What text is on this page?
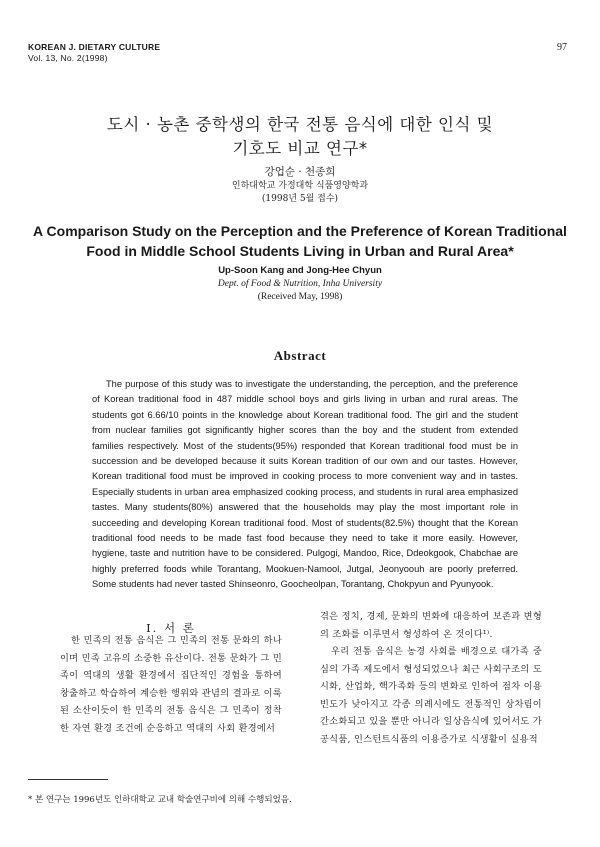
KOREAN J. DIETARY CULTURE
Vol. 13, No. 2(1998)
97
도시 · 농촌 중학생의 한국 전통 음식에 대한 인식 및
기호도 비교 연구*
강업순 · 천종희
인하대학교 가정대학 식품영양학과
(1998년 5월 접수)
A Comparison Study on the Perception and the Preference of Korean Traditional
Food in Middle School Students Living in Urban and Rural Area*
Up-Soon Kang and Jong-Hee Chyun
Dept. of Food & Nutrition, Inha University
(Received May, 1998)
Abstract

The purpose of this study was to investigate the understanding, the perception, and the preference of Korean traditional food in 487 middle school boys and girls living in urban and rural areas. The students got 6.66/10 points in the knowledge about Korean traditional food. The girl and the student from nuclear families got significantly higher scores than the boy and the student from extended families respectively. Most of the students(95%) responded that Korean traditional food must be in succession and be developed because it suits Korean tradition of our own and our tastes. However, Korean traditional food must be improved in cooking process to more convenient way and in tastes. Especially students in urban area emphasized cooking process, and students in rural area emphasized tastes. Many students(80%) answered that the households may play the most important role in succeeding and developing Korean traditional food. Most of students(82.5%) thought that the Korean traditional food needs to be made fast food because they need to take it more easily. However, hygiene, taste and nutrition have to be considered. Pulgogi, Mandoo, Rice, Ddeokgook, Chabchae are highly preferred foods while Torantang, Mookuen-Namool, Jutgal, Jeonyoouh are poorly preferred. Some students had never tasted Shinseonro, Goocheolpan, Torantang, Chokpyun and Pyunyook.

I. 서 론

한 민족의 전통 음식은 그 민족의 전통 문화의 하나이며 민족 고유의 소중한 유산이다. 전통 문화가 그 민족이 역대의 생활 환경에서 집단적인 경험을 통하여 창출하고 학습하여 계승한 행위와 관념의 결과로 이룩된 소산이듯이 한 민족의 전통 음식은 그 민족이 정착한 자연 환경 조건에 순응하고 역대의 사회 환경에서

겪은 정치, 경제, 문화의 변화에 대응하여 보존과 변형의 조화를 이루면서 형성하여 온 것이다¹⁾.
우리 전통 음식은 농경 사회를 배경으로 대가족 중심의 가족 제도에서 형성되었으나 최근 사회구조의 도시화, 산업화, 핵가족화 등의 변화로 인하여 점차 이용 빈도가 낮아지고 각종 의례시에도 전통적인 상차림이 간소화되고 있을 뿐만 아니라 일상음식에 있어서도 가공식품, 인스턴트식품의 이용증가로 식생활이 실용적
* 본 연구는 1996년도 인하대학교 교내 학술연구비에 의해 수행되었음.
